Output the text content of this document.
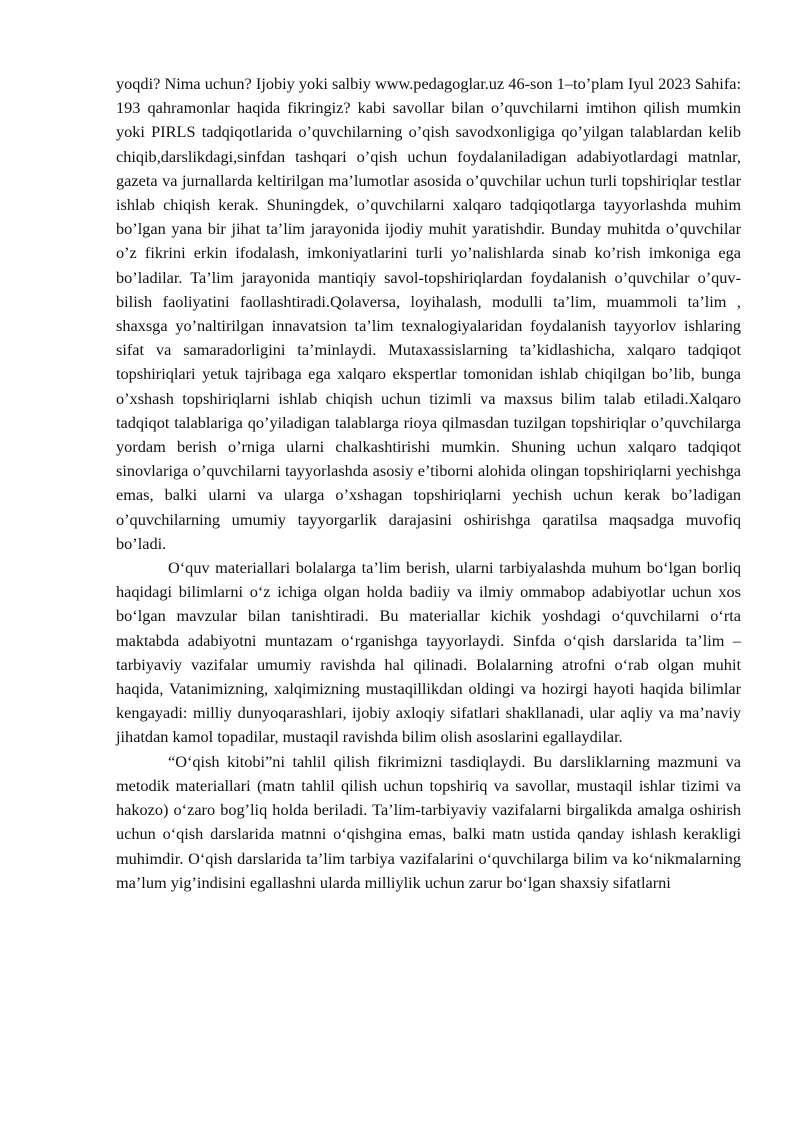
yoqdi? Nima uchun? Ijobiy yoki salbiy www.pedagoglar.uz 46-son 1–to’plam Iyul 2023 Sahifa: 193 qahramonlar haqida fikringiz? kabi savollar bilan o’quvchilarni imtihon qilish mumkin yoki PIRLS tadqiqotlarida o’quvchilarning o’qish savodxonligiga qo’yilgan talablardan kelib chiqib,darslikdagi,sinfdan tashqari o’qish uchun foydalaniladigan adabiyotlardagi matnlar, gazeta va jurnallarda keltirilgan ma’lumotlar asosida o’quvchilar uchun turli topshiriqlar testlar ishlab chiqish kerak. Shuningdek, o’quvchilarni xalqaro tadqiqotlarga tayyorlashda muhim bo’lgan yana bir jihat ta’lim jarayonida ijodiy muhit yaratishdir. Bunday muhitda o’quvchilar o’z fikrini erkin ifodalash, imkoniyatlarini turli yo’nalishlarda sinab ko’rish imkoniga ega bo’ladilar. Ta’lim jarayonida mantiqiy savol-topshiriqlardan foydalanish o’quvchilar o’quv-bilish faoliyatini faollashtiradi.Qolaversa, loyihalash, modulli ta’lim, muammoli ta’lim , shaxsga yo’naltirilgan innavatsion ta’lim texnalogiyalaridan foydalanish tayyorlov ishlaring sifat va samaradorligini ta’minlaydi. Mutaxassislarning ta’kidlashicha, xalqaro tadqiqot topshiriqlari yetuk tajribaga ega xalqaro ekspertlar tomonidan ishlab chiqilgan bo’lib, bunga o’xshash topshiriqlarni ishlab chiqish uchun tizimli va maxsus bilim talab etiladi.Xalqaro tadqiqot talablariga qo’yiladigan talablarga rioya qilmasdan tuzilgan topshiriqlar o’quvchilarga yordam berish o’rniga ularni chalkashtirishi mumkin. Shuning uchun xalqaro tadqiqot sinovlariga o’quvchilarni tayyorlashda asosiy e’tiborni alohida olingan topshiriqlarni yechishga emas, balki ularni va ularga o’xshagan topshiriqlarni yechish uchun kerak bo’ladigan o’quvchilarning umumiy tayyorgarlik darajasini oshirishga qaratilsa maqsadga muvofiq bo’ladi.

O‘quv materiallari bolalarga ta’lim berish, ularni tarbiyalashda muhum bo‘lgan borliq haqidagi bilimlarni o‘z ichiga olgan holda badiiy va ilmiy ommabop adabiyotlar uchun xos bo‘lgan mavzular bilan tanishtiradi. Bu materiallar kichik yoshdagi o‘quvchilarni o‘rta maktabda adabiyotni muntazam o‘rganishga tayyorlaydi. Sinfda o‘qish darslarida ta’lim – tarbiyaviy vazifalar umumiy ravishda hal qilinadi. Bolalarning atrofni o‘rab olgan muhit haqida, Vatanimizning, xalqimizning mustaqillikdan oldingi va hozirgi hayoti haqida bilimlar kengayadi: milliy dunyoqarashlari, ijobiy axloqiy sifatlari shakllanadi, ular aqliy va ma’naviy jihatdan kamol topadilar, mustaqil ravishda bilim olish asoslarini egallaydilar.

“O‘qish kitobi”ni tahlil qilish fikrimizni tasdiqlaydi. Bu darsliklarning mazmuni va metodik materiallari (matn tahlil qilish uchun topshiriq va savollar, mustaqil ishlar tizimi va hakozo) o‘zaro bog’liq holda beriladi. Ta’lim-tarbiyaviy vazifalarni birgalikda amalga oshirish uchun o‘qish darslarida matnni o‘qishgina emas, balki matn ustida qanday ishlash kerakligi muhimdir. O‘qish darslarida ta’lim tarbiya vazifalarini o‘quvchilarga bilim va ko‘nikmalarning ma’lum yig’indisini egallashni ularda milliylik uchun zarur bo‘lgan shaxsiy sifatlarni
